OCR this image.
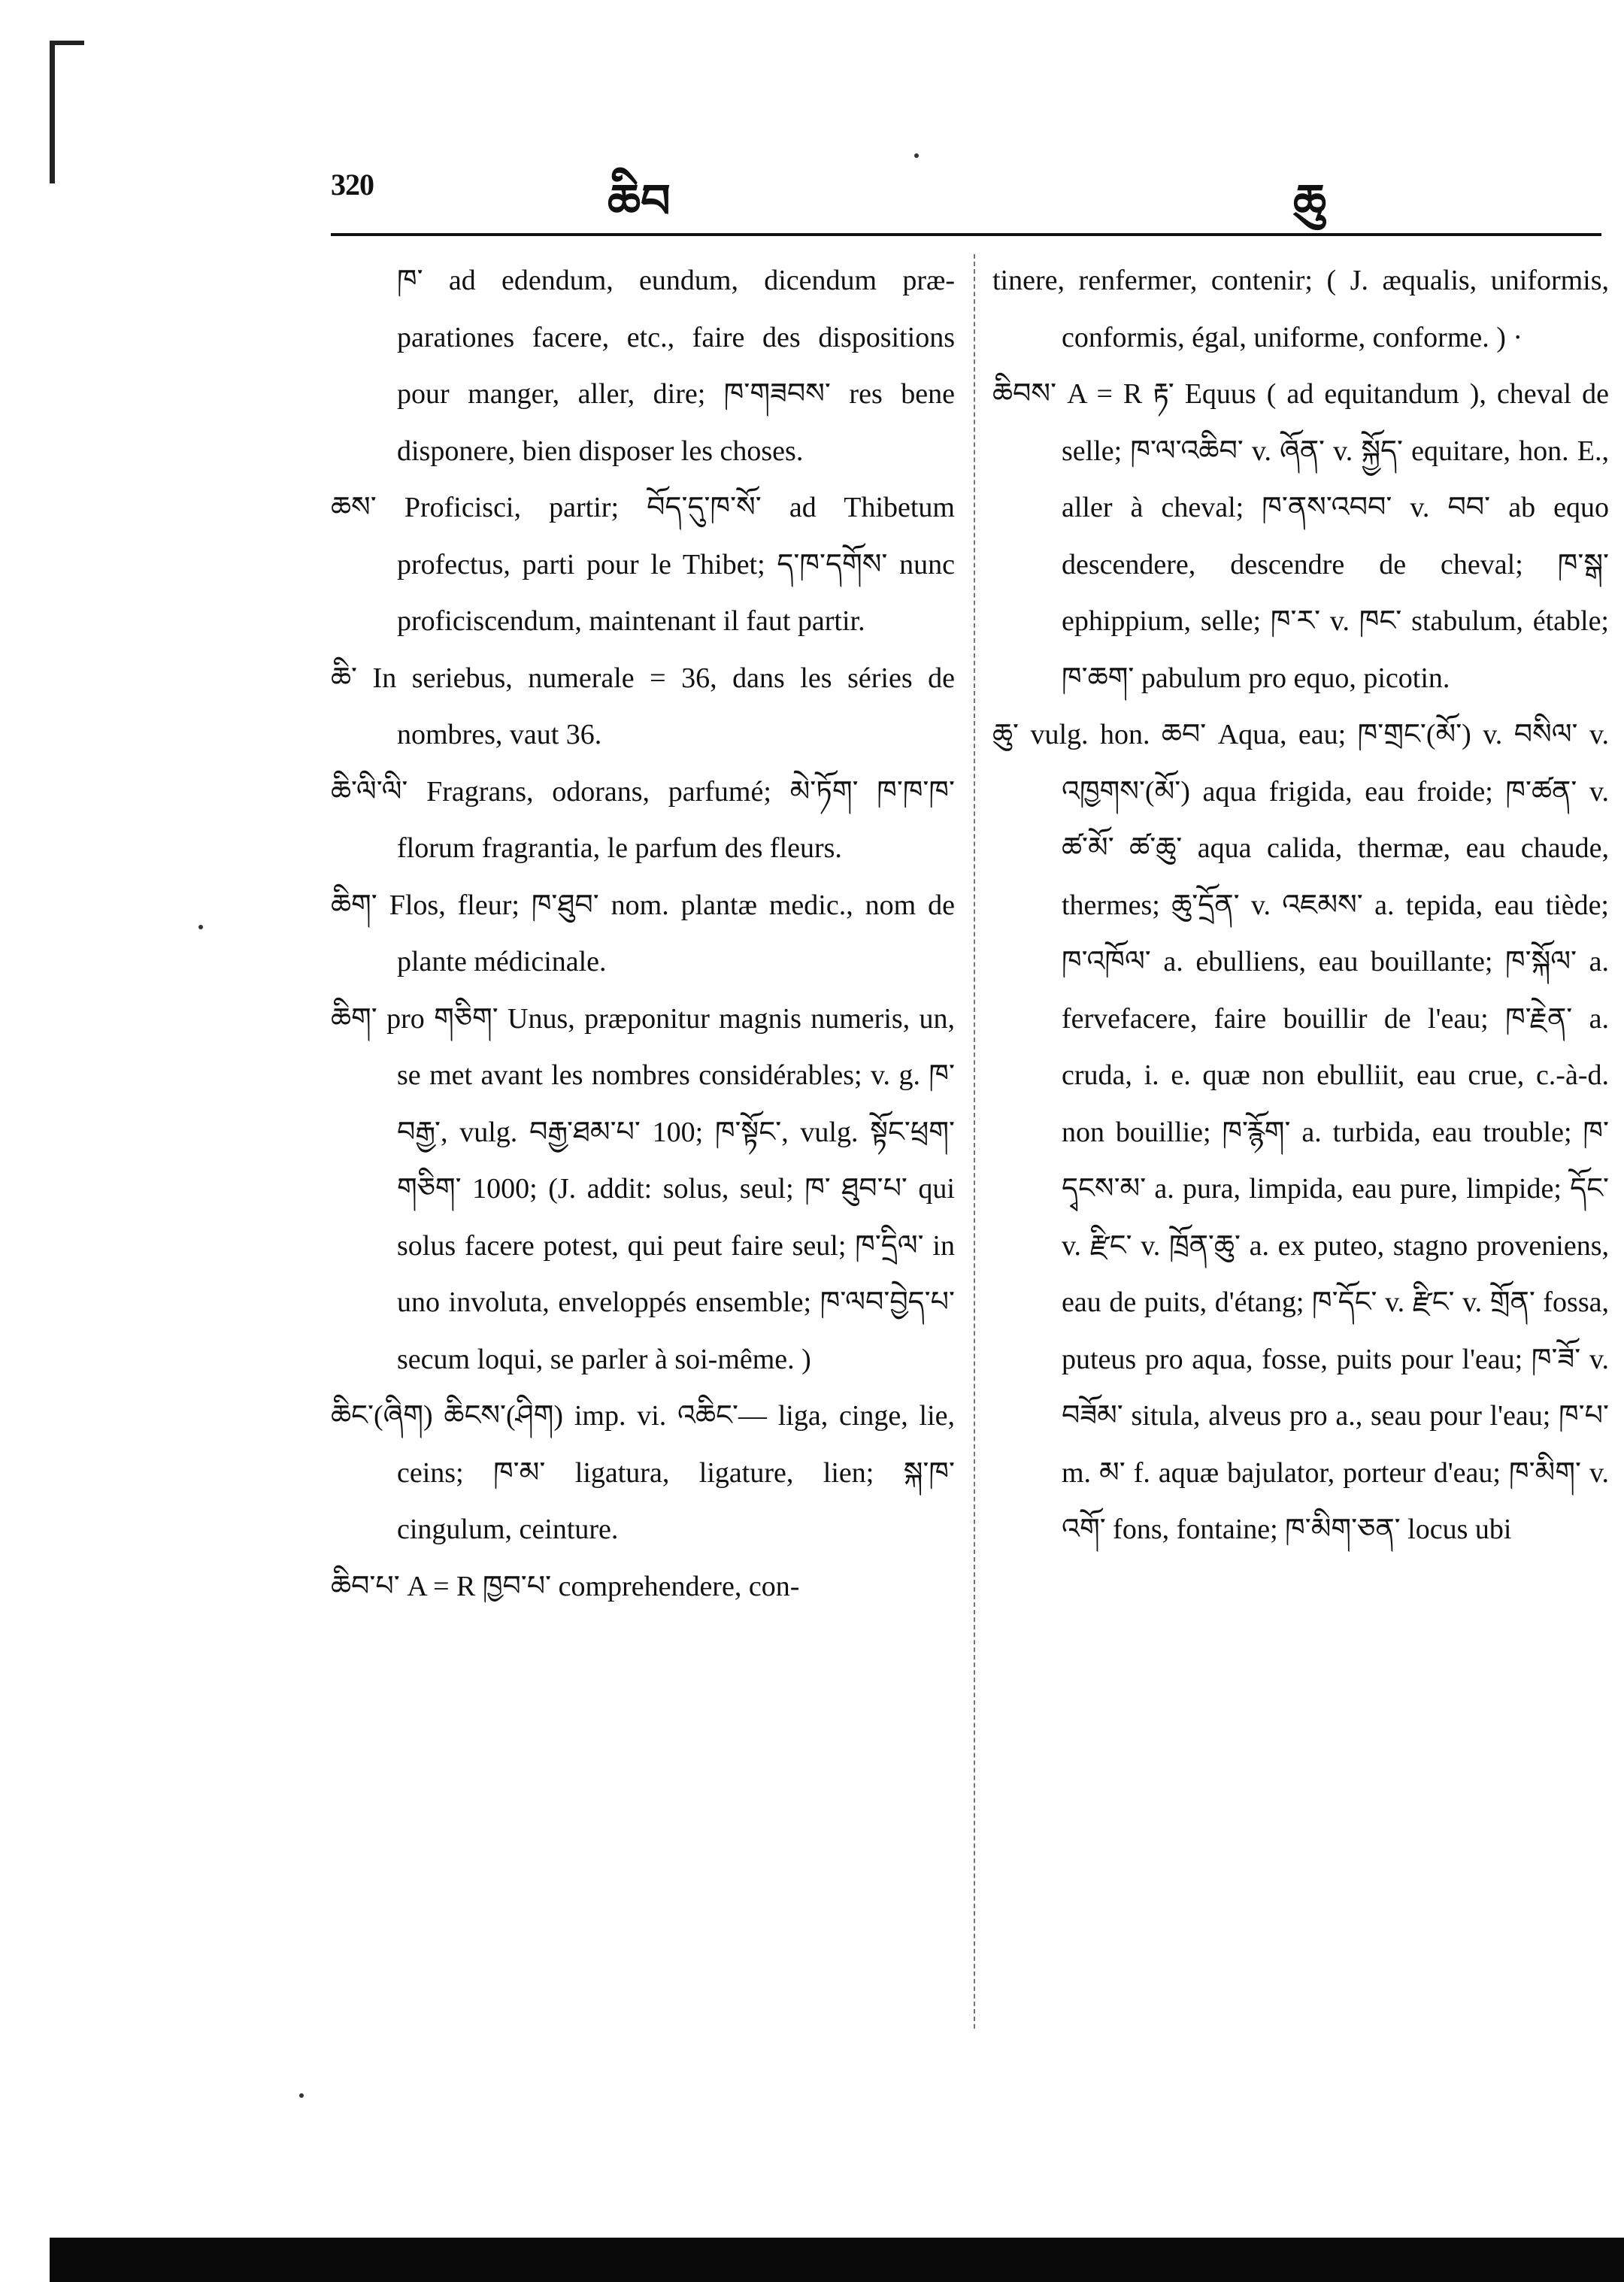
320	ཆིབ	ཆུ

ཁ་ ad edendum, eundum, dicendum præ-parationes facere, etc., faire des dispositions pour manger, aller, dire; ཁ་གཟབས་ res bene disponere, bien disposer les choses.

ཆས་ Proficisci, partir; བོད་དུ་ཁ་སོ་ ad Thibetum profectus, parti pour le Thibet; ད་ཁ་དགོས་ nunc proficiscendum, maintenant il faut partir.

ཆི་ In seriebus, numerale = 36, dans les séries de nombres, vaut 36.

ཆི་ལི་ལི་ Fragrans, odorans, parfumé; མེ་ཏོག་ ཁ་ཁ་ཁ་ florum fragrantia, le parfum des fleurs.

ཆིག་ Flos, fleur; ཁ་ཐུབ་ nom. plantæ medic., nom de plante médicinale.

ཆིག་ pro གཅིག་ Unus, præponitur magnis numeris, un, se met avant les nombres considérables; v. g. ཁ་བརྒྱ་, vulg. བརྒྱ་ཐམ་པ་ 100; ཁ་སྟོང་, vulg. སྟོང་ཕྲག་ གཅིག་ 1000; (J. addit: solus, seul; ཁ་ ཐུབ་པ་ qui solus facere potest, qui peut faire seul; ཁ་དྲིལ་ in uno involuta, enveloppés ensemble; ཁ་ལབ་བྱེད་པ་ secum loqui, se parler à soi-même. )

ཆིང་(ཞིག) ཆིངས་(ཤིག) imp. vi. འཆིང་— liga, cinge, lie, ceins; ཁ་མ་ ligatura, ligature, lien; སྐ་ཁ་ cingulum, ceinture.

ཆིབ་པ་ A = R ཁྱབ་པ་ comprehendere, con-

tinere, renfermer, contenir; ( J. æqualis, uniformis, conformis, égal, uniforme, conforme. ) ·

ཆིབས་ A = R རྟ་ Equus ( ad equitandum ), cheval de selle; ཁ་ལ་འཆིབ་ v. ཞོན་ v. སྐྱོད་ equitare, hon. E., aller à cheval; ཁ་ནས་འབབ་ v. བབ་ ab equo descendere, descendre de cheval; ཁ་སྒ་ ephippium, selle; ཁ་ར་ v. ཁང་ stabulum, étable; ཁ་ཆག་ pabulum pro equo, picotin.

ཆུ་ vulg. hon. ཆབ་ Aqua, eau; ཁ་གྲང་(མོ་) v. བསིལ་ v. འཁྱགས་(མོ་) aqua frigida, eau froide; ཁ་ཚན་ v. ཚ་མོ་ ཚ་ཆུ་ aqua calida, thermæ, eau chaude, thermes; ཆུ་དྲོན་ v. འཇམས་ a. tepida, eau tiède; ཁ་འཁོལ་ a. ebulliens, eau bouillante; ཁ་སྐོལ་ a. fervefacere, faire bouillir de l'eau; ཁ་རྗེན་ a. cruda, i. e. quæ non ebulliit, eau crue, c.-à-d. non bouillie; ཁ་རྙོག་ a. turbida, eau trouble; ཁ་ དྭངས་མ་ a. pura, limpida, eau pure, limpide; དོང་ v. རྫིང་ v. ཁྲོན་ཆུ་ a. ex puteo, stagno proveniens, eau de puits, d'étang; ཁ་དོང་ v. རྫིང་ v. གྲོན་ fossa, puteus pro aqua, fosse, puits pour l'eau; ཁ་ཟོ་ v. བཟོམ་ situla, alveus pro a., seau pour l'eau; ཁ་པ་ m. མ་ f. aquæ bajulator, porteur d'eau; ཁ་མིག་ v. འགོ་ fons, fontaine; ཁ་མིག་ཅན་ locus ubi
